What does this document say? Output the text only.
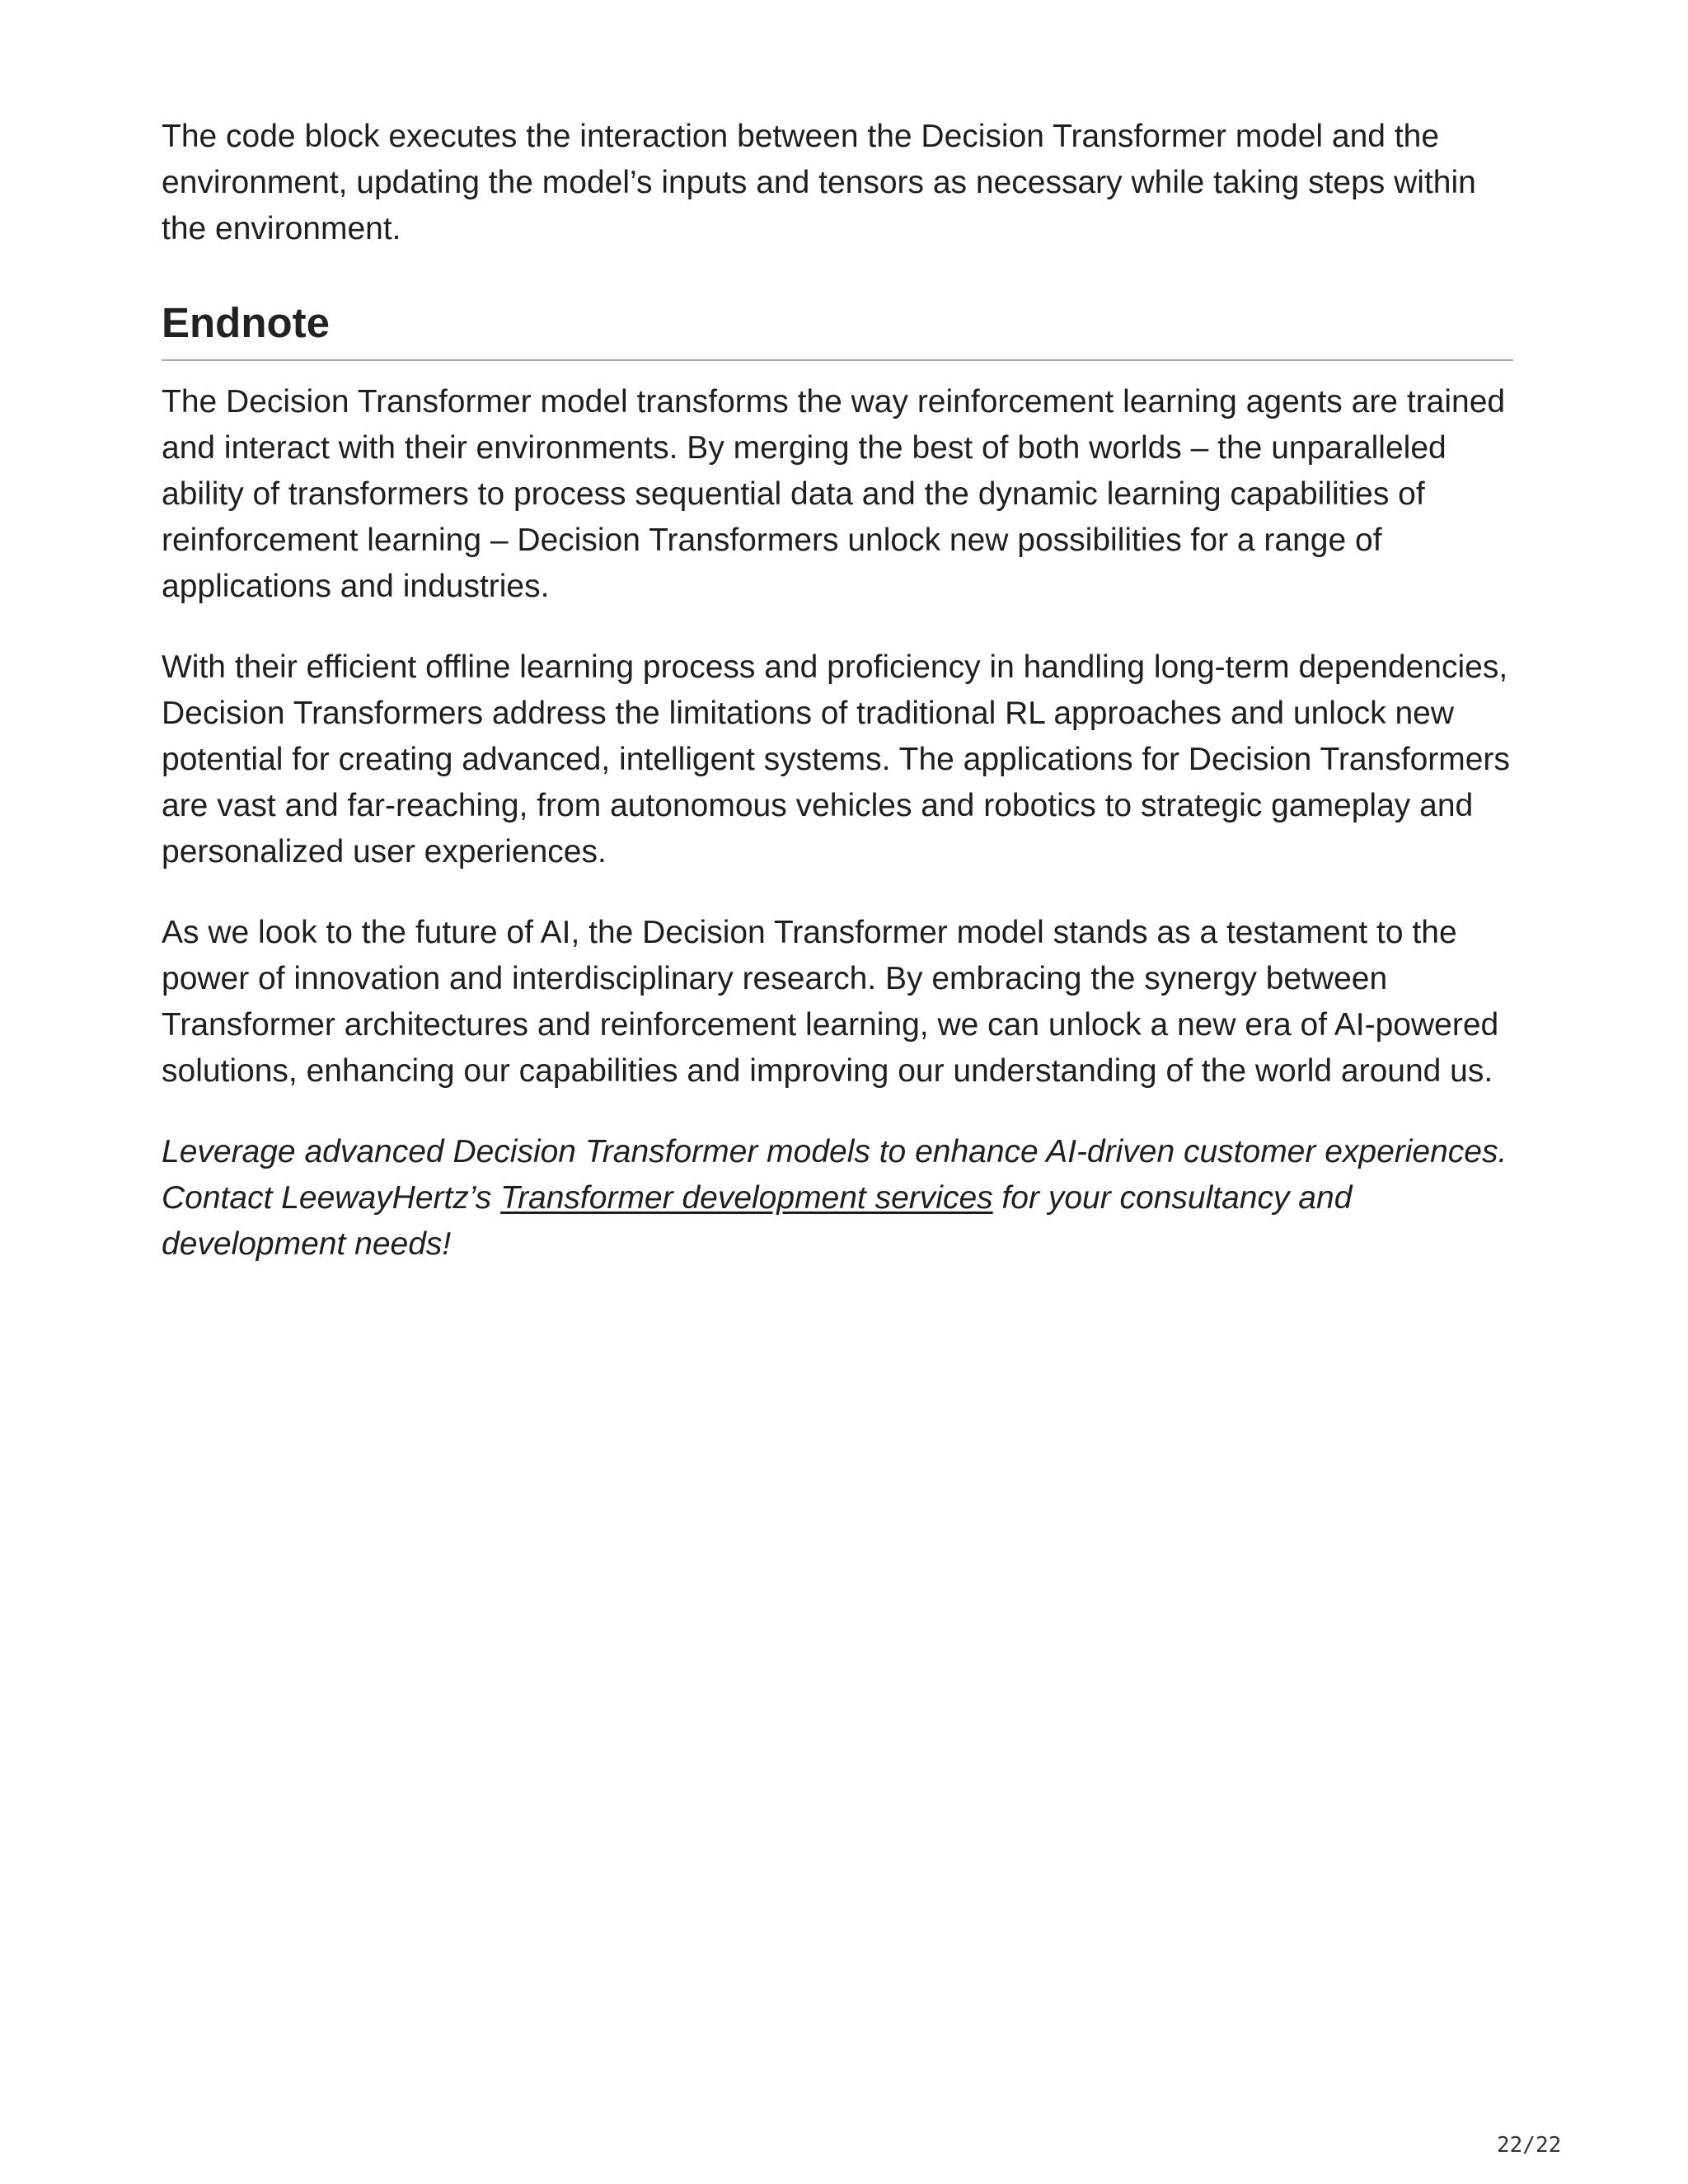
The code block executes the interaction between the Decision Transformer model and the environment, updating the model’s inputs and tensors as necessary while taking steps within the environment.

Endnote

The Decision Transformer model transforms the way reinforcement learning agents are trained and interact with their environments. By merging the best of both worlds – the unparalleled ability of transformers to process sequential data and the dynamic learning capabilities of reinforcement learning – Decision Transformers unlock new possibilities for a range of applications and industries.

With their efficient offline learning process and proficiency in handling long-term dependencies, Decision Transformers address the limitations of traditional RL approaches and unlock new potential for creating advanced, intelligent systems. The applications for Decision Transformers are vast and far-reaching, from autonomous vehicles and robotics to strategic gameplay and personalized user experiences.

As we look to the future of AI, the Decision Transformer model stands as a testament to the power of innovation and interdisciplinary research. By embracing the synergy between Transformer architectures and reinforcement learning, we can unlock a new era of AI-powered solutions, enhancing our capabilities and improving our understanding of the world around us.

Leverage advanced Decision Transformer models to enhance AI-driven customer experiences. Contact LeewayHertz’s Transformer development services for your consultancy and development needs!

22/22
